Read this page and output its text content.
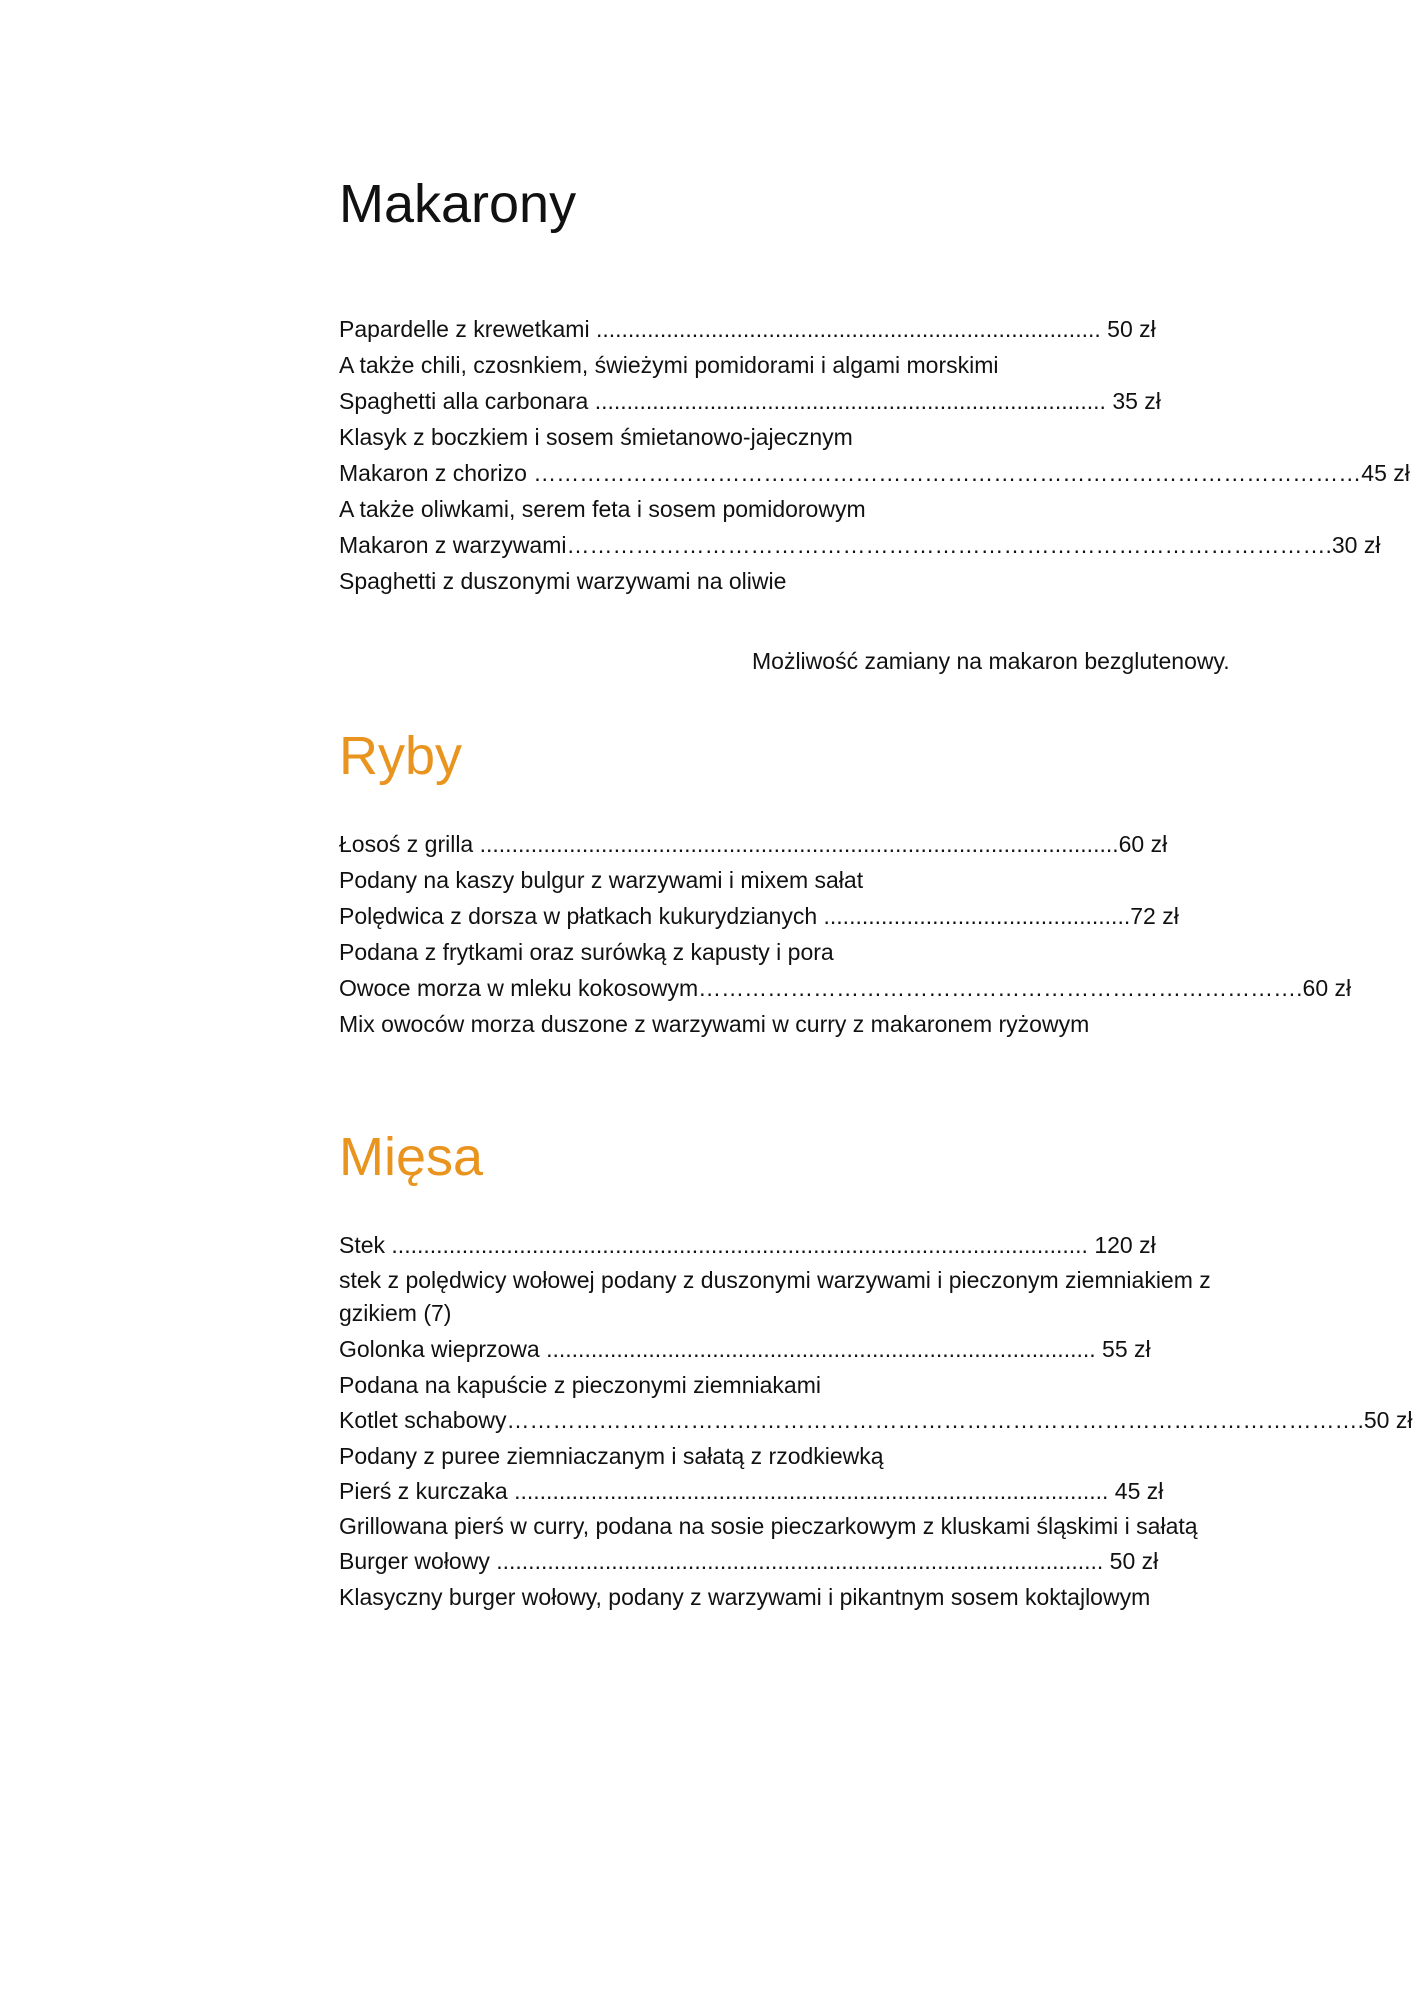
Makarony
Papardelle z krewetkami ............................................................................... 50 zł
A także chili, czosnkiem, świeżymi pomidorami i algami morskimi
Spaghetti alla carbonara ................................................................................ 35 zł
Klasyk z boczkiem i sosem śmietanowo-jajecznym
Makaron z chorizo ………………………………………………………………………………………………45 zł
A także oliwkami, serem feta i sosem pomidorowym
Makaron z warzywami……………………………………………………………………………………….30 zł
Spaghetti z duszonymi warzywami na oliwie
Możliwość zamiany na makaron bezglutenowy.
Ryby
Łosoś z grilla ....................................................................................................60 zł
Podany na kaszy bulgur z warzywami i mixem sałat
Polędwica z dorsza w płatkach kukurydzianych ................................................72 zł
Podana z frytkami oraz surówką z kapusty i pora
Owoce morza w mleku kokosowym…………………………………………………………………….60 zł
Mix owoców morza duszone z warzywami w curry z makaronem ryżowym
Mięsa
Stek ............................................................................................................. 120 zł
stek z polędwicy wołowej podany z duszonymi warzywami i pieczonym ziemniakiem z gzikiem (7)
Golonka wieprzowa ...................................................................................... 55 zł
Podana na kapuście z pieczonymi ziemniakami
Kotlet schabowy………………………………………………………………………………………………….50 zł
Podany z puree ziemniaczanym i sałatą z rzodkiewką
Pierś z kurczaka ............................................................................................. 45 zł
Grillowana pierś w curry, podana na sosie pieczarkowym z kluskami śląskimi i sałatą
Burger wołowy ............................................................................................... 50 zł
Klasyczny burger wołowy, podany z warzywami i pikantnym sosem koktajlowym
